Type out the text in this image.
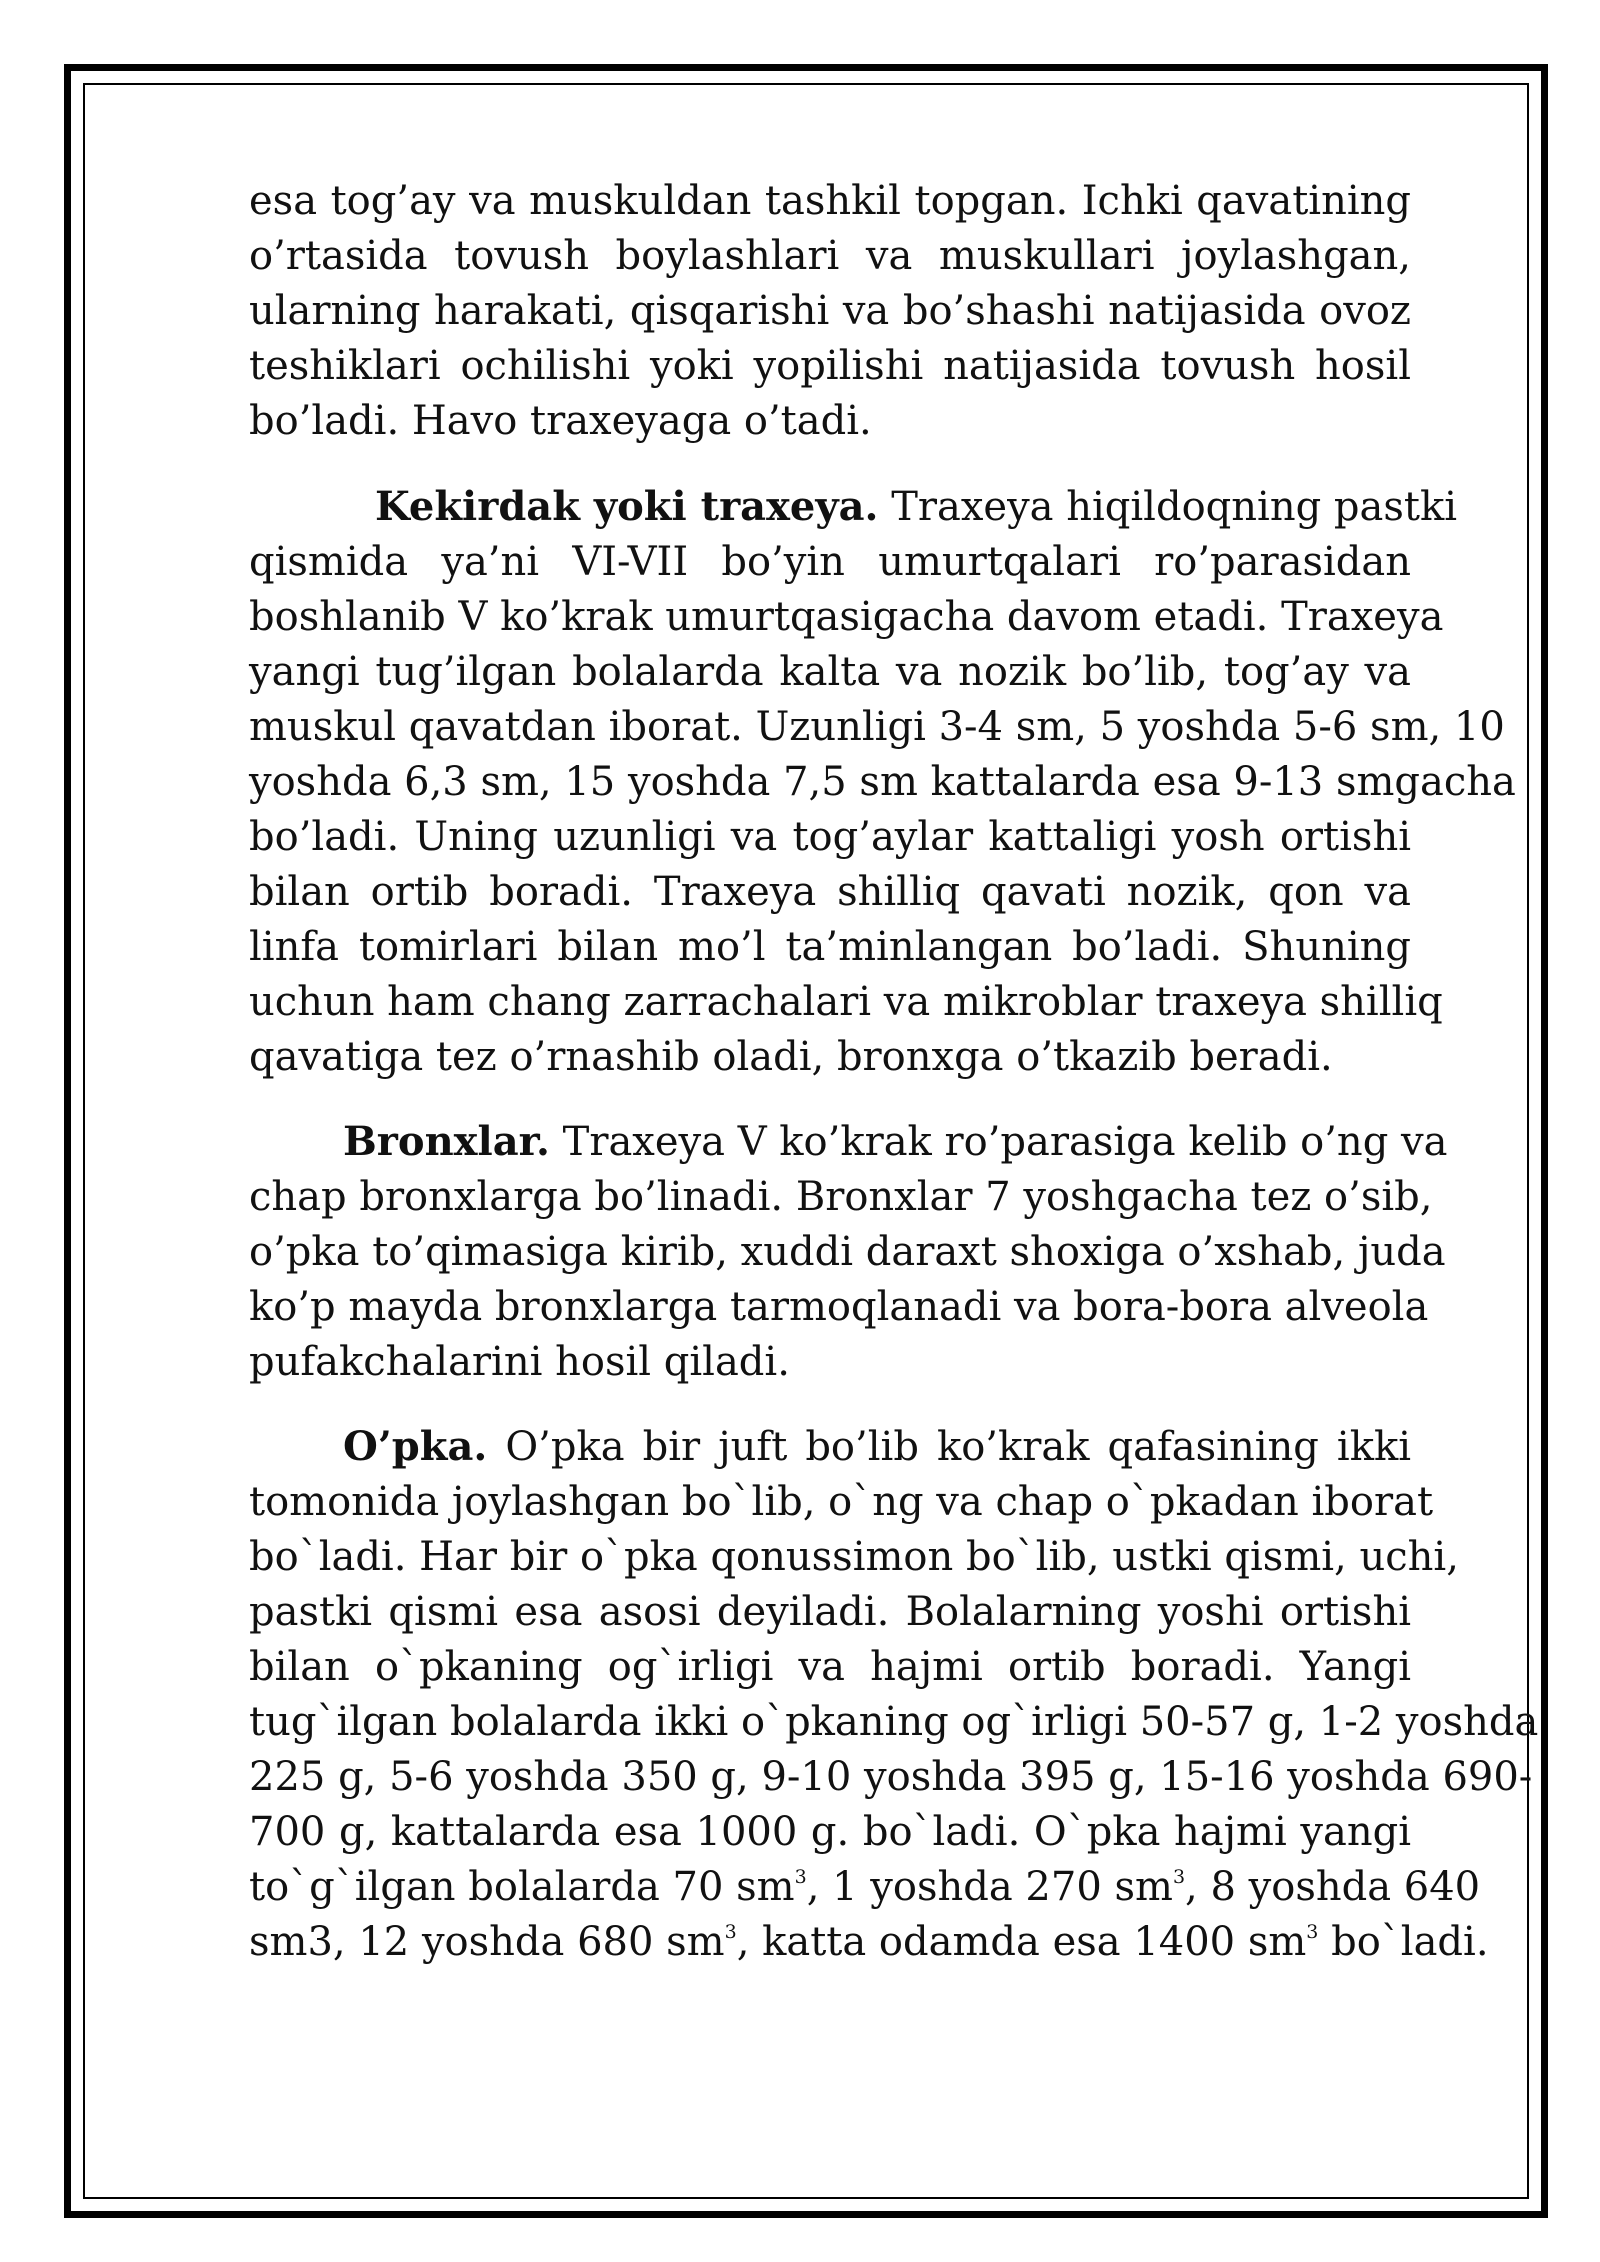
esa tog’ay va muskuldan tashkil topgan. Ichki qavatining
o’rtasida tovush boylashlari va muskullari joylashgan,
ularning harakati, qisqarishi va bo’shashi natijasida ovoz
teshiklari ochilishi yoki yopilishi natijasida tovush hosil
bo’ladi. Havo traxeyaga o’tadi.
Kekirdak yoki traxeya. Traxeya hiqildoqning pastki
qismida ya’ni VI-VII bo’yin umurtqalari ro’parasidan
boshlanib V ko’krak umurtqasigacha davom etadi. Traxeya
yangi tug’ilgan bolalarda kalta va nozik bo’lib, tog’ay va
muskul qavatdan iborat. Uzunligi 3-4 sm, 5 yoshda 5-6 sm, 10
yoshda 6,3 sm, 15 yoshda 7,5 sm kattalarda esa 9-13 smgacha
bo’ladi. Uning uzunligi va tog’aylar kattaligi yosh ortishi
bilan ortib boradi. Traxeya shilliq qavati nozik, qon va
linfa tomirlari bilan mo’l ta’minlangan bo’ladi. Shuning
uchun ham chang zarrachalari va mikroblar traxeya shilliq
qavatiga tez o’rnashib oladi, bronxga o’tkazib beradi.
Bronxlar. Traxeya V ko’krak ro’parasiga kelib o’ng va
chap bronxlarga bo’linadi. Bronxlar 7 yoshgacha tez o’sib,
o’pka to’qimasiga kirib, xuddi daraxt shoxiga o’xshab, juda
ko’p mayda bronxlarga tarmoqlanadi va bora-bora alveola
pufakchalarini hosil qiladi.
O’pka. O’pka bir juft bo’lib ko’krak qafasining ikki
tomonida joylashgan bo`lib, o`ng va chap o`pkadan iborat
bo`ladi. Har bir o`pka qonussimon bo`lib, ustki qismi, uchi,
pastki qismi esa asosi deyiladi. Bolalarning yoshi ortishi
bilan o`pkaning og`irligi va hajmi ortib boradi. Yangi
tug`ilgan bolalarda ikki o`pkaning og`irligi 50-57 g, 1-2 yoshda
225 g, 5-6 yoshda 350 g, 9-10 yoshda 395 g, 15-16 yoshda 690-
700 g, kattalarda esa 1000 g. bo`ladi. O`pka hajmi yangi
to`g`ilgan bolalarda 70 $sm^3$, 1 yoshda 270 $sm^3$, 8 yoshda 640
sm3, 12 yoshda 680 $sm^3$, katta odamda esa 1400 $sm^3$ bo`ladi.
